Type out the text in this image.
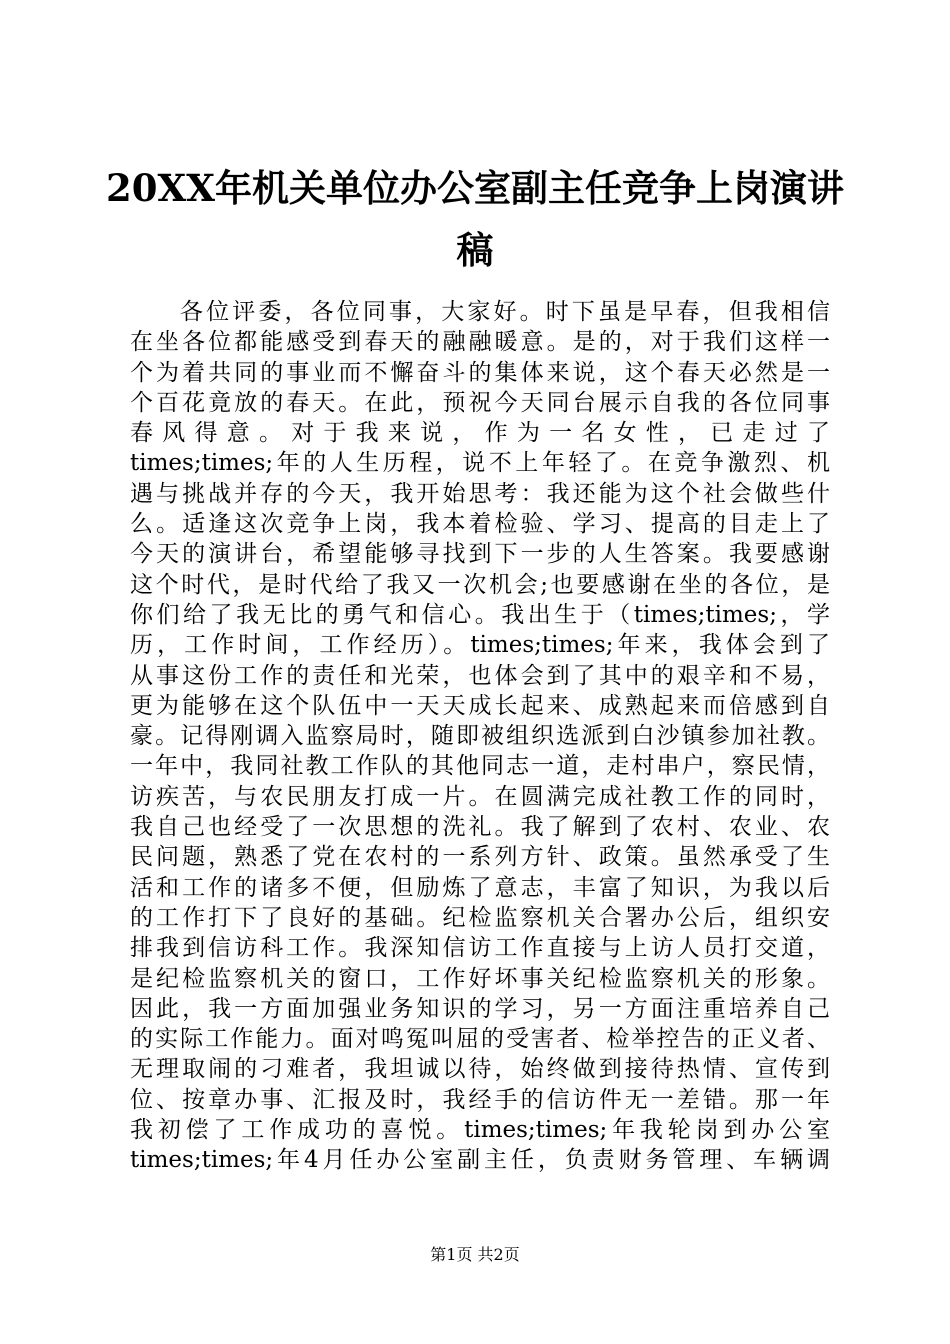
20XX年机关单位办公室副主任竞争上岗演讲
稿
各位评委，各位同事，大家好。时下虽是早春，但我相信
在坐各位都能感受到春天的融融暖意。是的，对于我们这样一
个为着共同的事业而不懈奋斗的集体来说，这个春天必然是一
个百花竟放的春天。在此，预祝今天同台展示自我的各位同事
春风得意。对于我来说，作为一名女性，已走过了
times;times;年的人生历程，说不上年轻了。在竞争激烈、机
遇与挑战并存的今天，我开始思考：我还能为这个社会做些什
么。适逢这次竞争上岗，我本着检验、学习、提高的目走上了
今天的演讲台，希望能够寻找到下一步的人生答案。我要感谢
这个时代，是时代给了我又一次机会;也要感谢在坐的各位，是
你们给了我无比的勇气和信心。我出生于（times;times;，学
历，工作时间，工作经历）。times;times;年来，我体会到了
从事这份工作的责任和光荣，也体会到了其中的艰辛和不易，
更为能够在这个队伍中一天天成长起来、成熟起来而倍感到自
豪。记得刚调入监察局时，随即被组织选派到白沙镇参加社教。
一年中，我同社教工作队的其他同志一道，走村串户，察民情，
访疾苦，与农民朋友打成一片。在圆满完成社教工作的同时，
我自己也经受了一次思想的洗礼。我了解到了农村、农业、农
民问题，熟悉了党在农村的一系列方针、政策。虽然承受了生
活和工作的诸多不便，但励炼了意志，丰富了知识，为我以后
的工作打下了良好的基础。纪检监察机关合署办公后，组织安
排我到信访科工作。我深知信访工作直接与上访人员打交道，
是纪检监察机关的窗口，工作好坏事关纪检监察机关的形象。
因此，我一方面加强业务知识的学习，另一方面注重培养自己
的实际工作能力。面对鸣冤叫屈的受害者、检举控告的正义者、
无理取闹的刁难者，我坦诚以待，始终做到接待热情、宣传到
位、按章办事、汇报及时，我经手的信访件无一差错。那一年
我初偿了工作成功的喜悦。times;times;年我轮岗到办公室
times;times;年4月任办公室副主任，负责财务管理、车辆调
第1页 共2页
